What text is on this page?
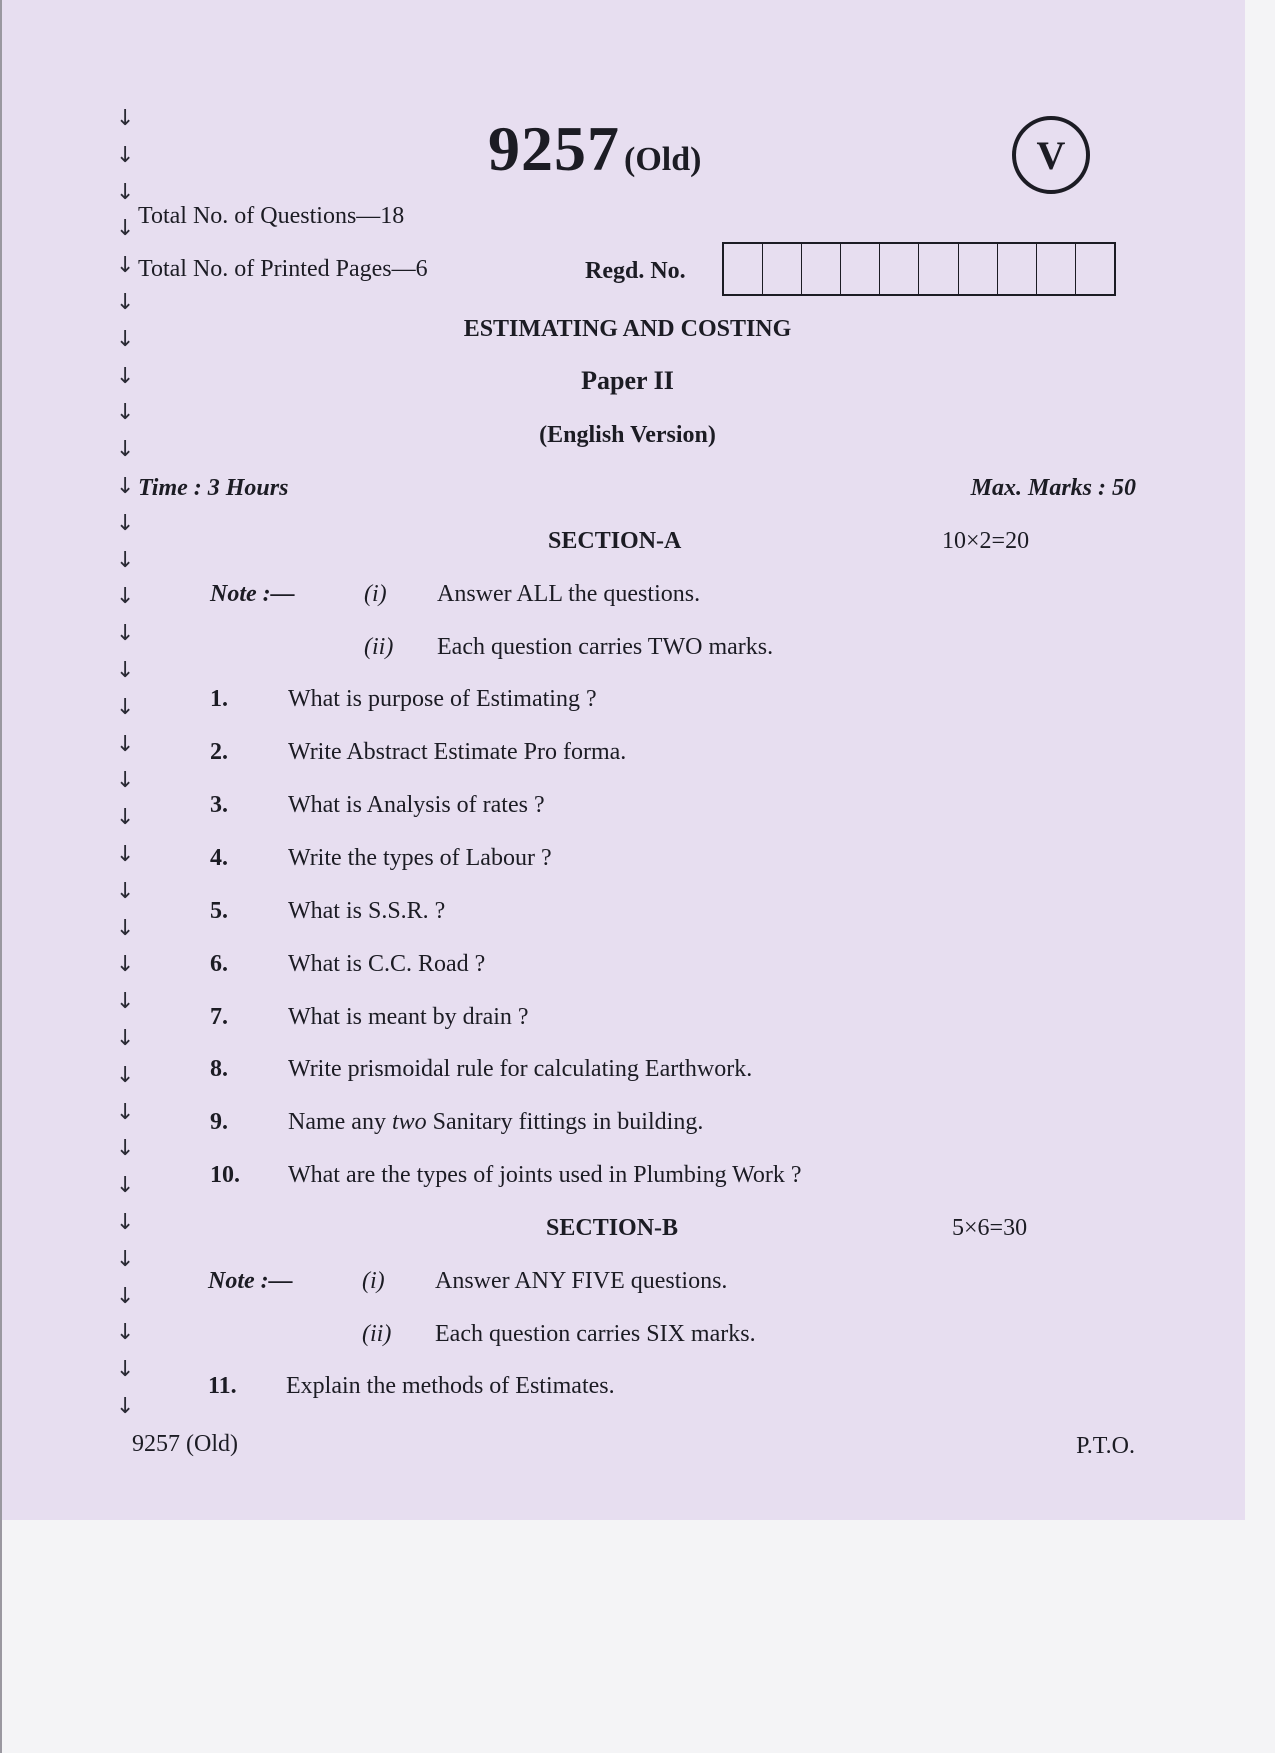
↓
↓
↓
↓
↓
↓
↓
↓
↓
↓
↓
↓
↓
↓
↓
↓
↓
↓
↓
↓
↓
↓
↓
↓
↓
↓
↓
↓
↓
↓
↓
↓
↓
↓
↓
↓
9257 (Old)	V
Total No. of Questions—18
Total No. of Printed Pages—6	Regd. No.
ESTIMATING AND COSTING
Paper II
(English Version)
Time : 3 Hours	Max. Marks : 50
SECTION-A	10×2=20
Note :—	(i) Answer ALL the questions.
(ii) Each question carries TWO marks.
1.	What is purpose of Estimating ?
2.	Write Abstract Estimate Pro forma.
3.	What is Analysis of rates ?
4.	Write the types of Labour ?
5.	What is S.S.R. ?
6.	What is C.C. Road ?
7.	What is meant by drain ?
8.	Write prismoidal rule for calculating Earthwork.
9.	Name any two Sanitary fittings in building.
10. What are the types of joints used in Plumbing Work ?
SECTION-B	5×6=30
Note :—	(i) Answer ANY FIVE questions.
(ii) Each question carries SIX marks.
11. Explain the methods of Estimates.
9257 (Old)	P.T.O.
